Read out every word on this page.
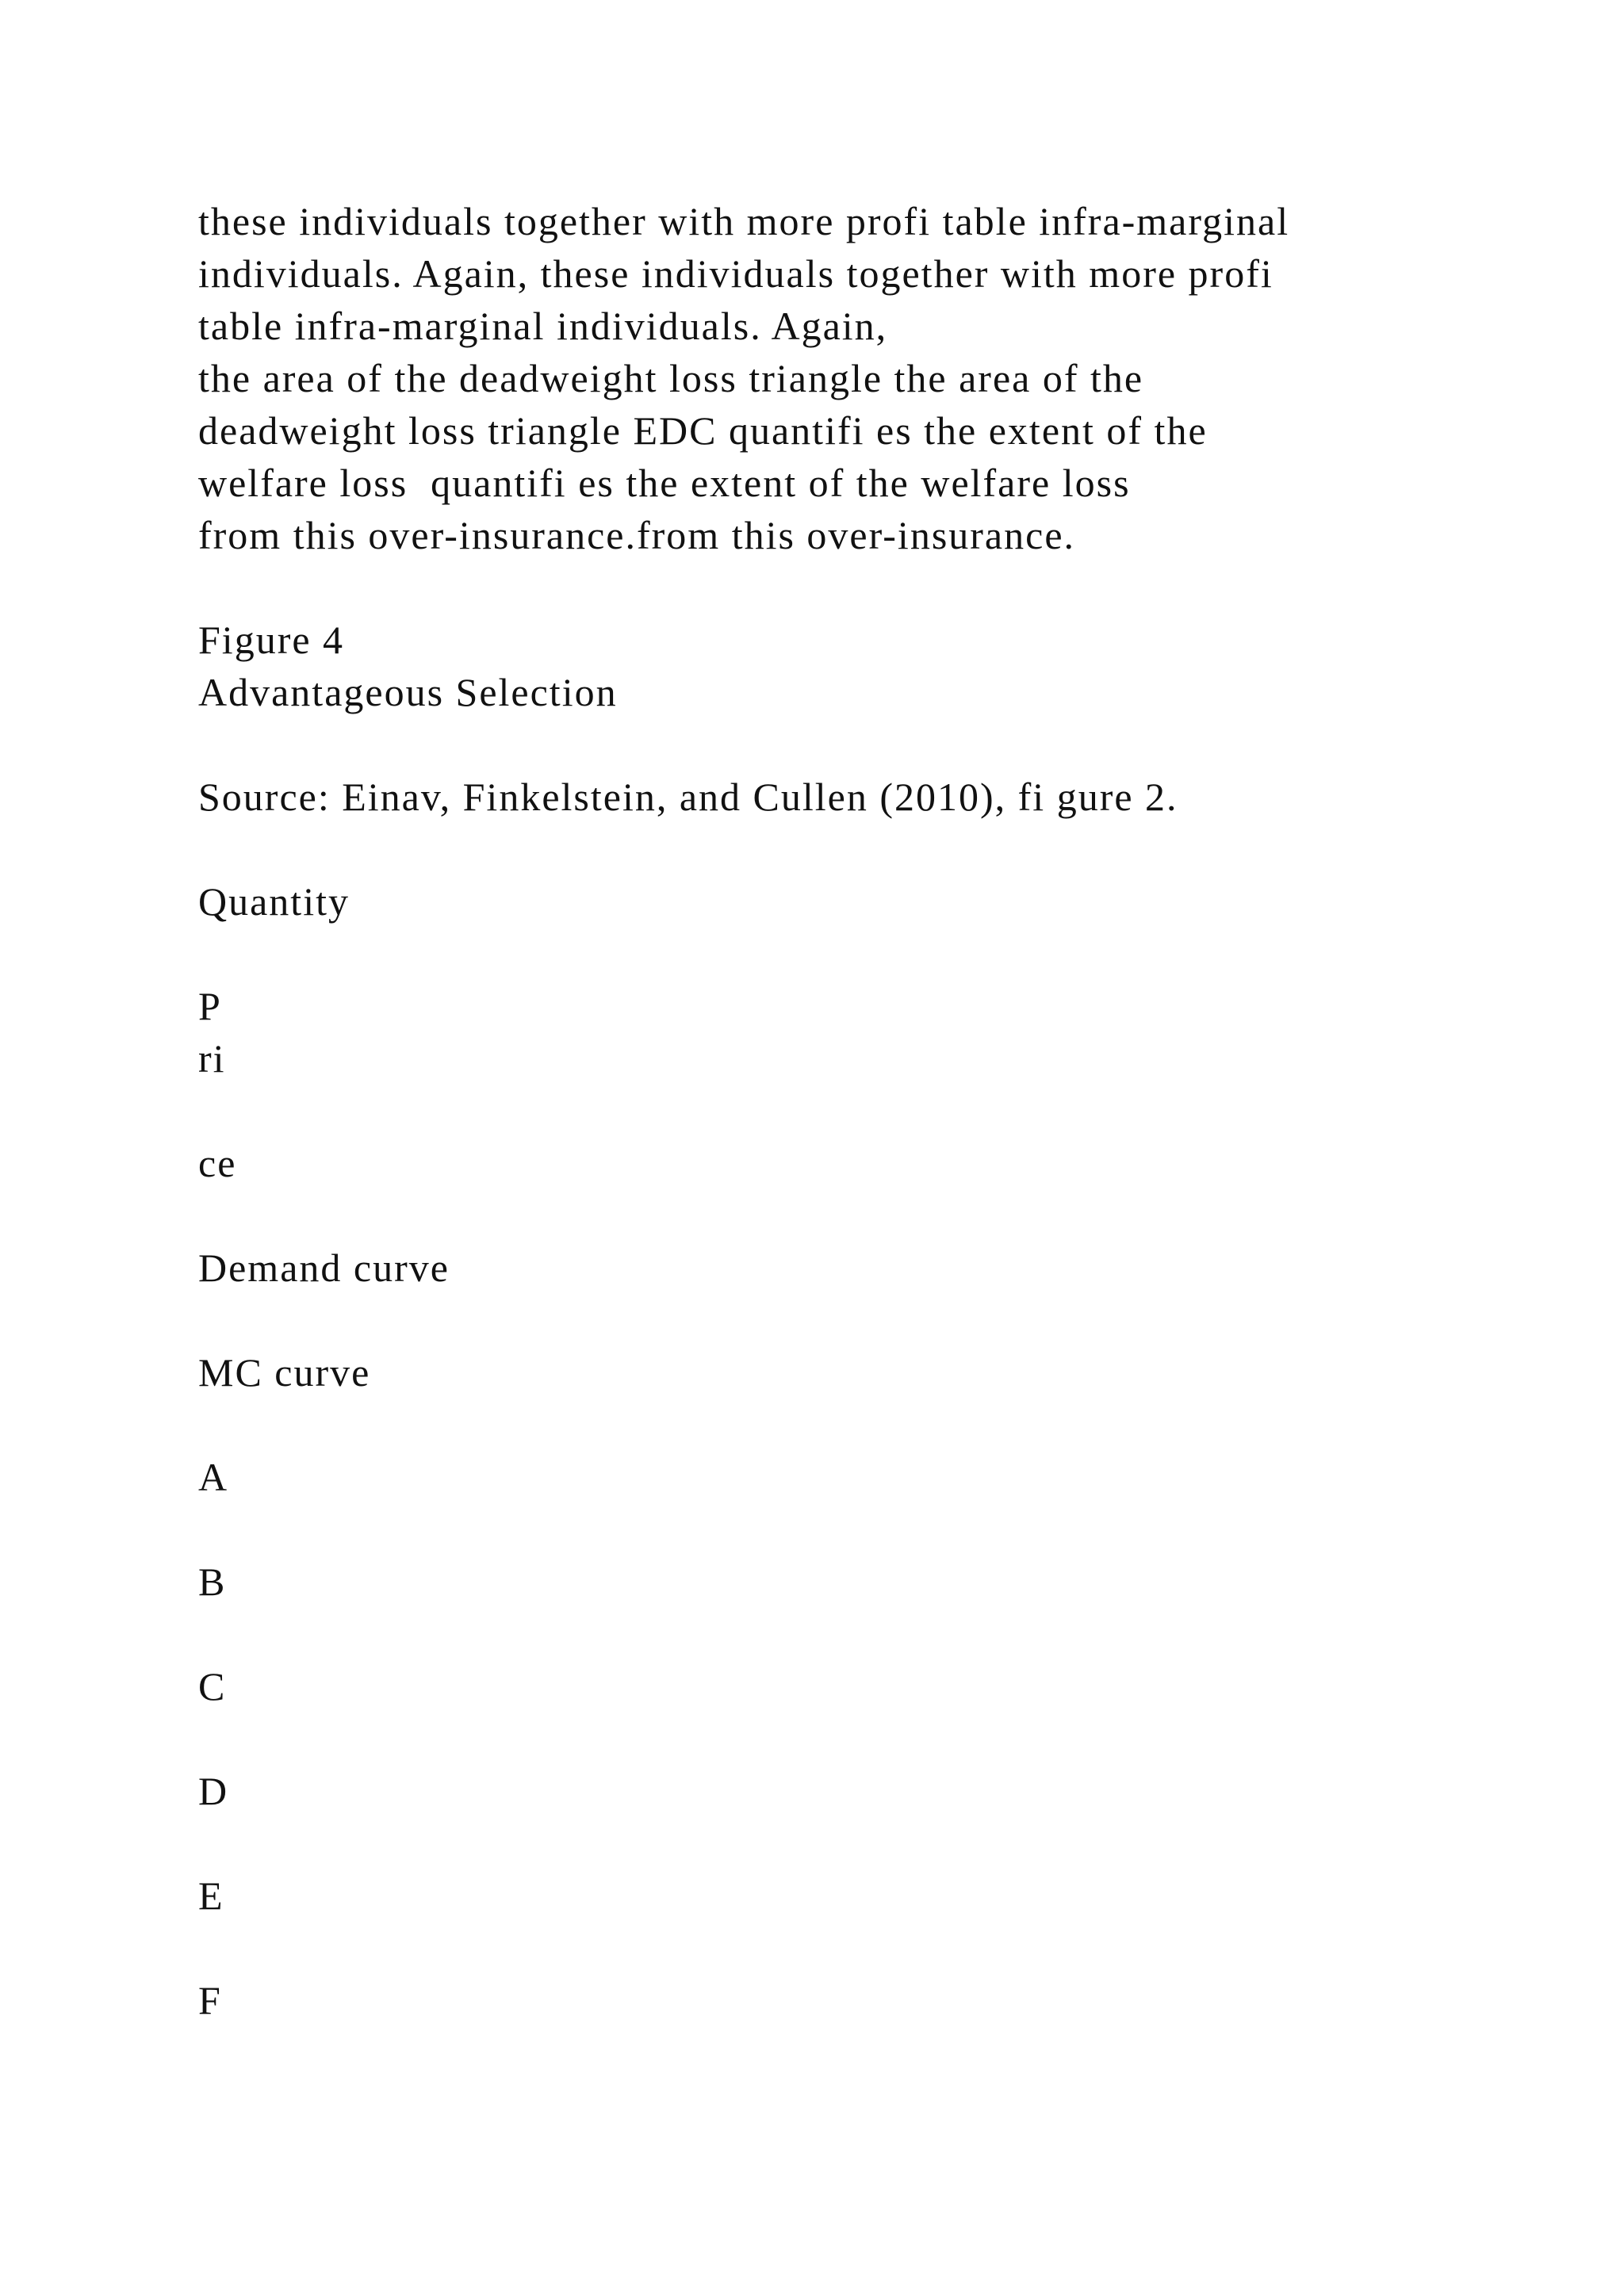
these individuals together with more profi table infra-marginal
individuals. Again, these individuals together with more profi
table infra-marginal individuals. Again,
the area of the deadweight loss triangle the area of the
deadweight loss triangle EDC quantifi es the extent of the
welfare loss  quantifi es the extent of the welfare loss
from this over-insurance.from this over-insurance.
Figure 4
Advantageous Selection
Source: Einav, Finkelstein, and Cullen (2010), fi gure 2.
Quantity
P
ri
ce
Demand curve
MC curve
A
B
C
D
E
F
